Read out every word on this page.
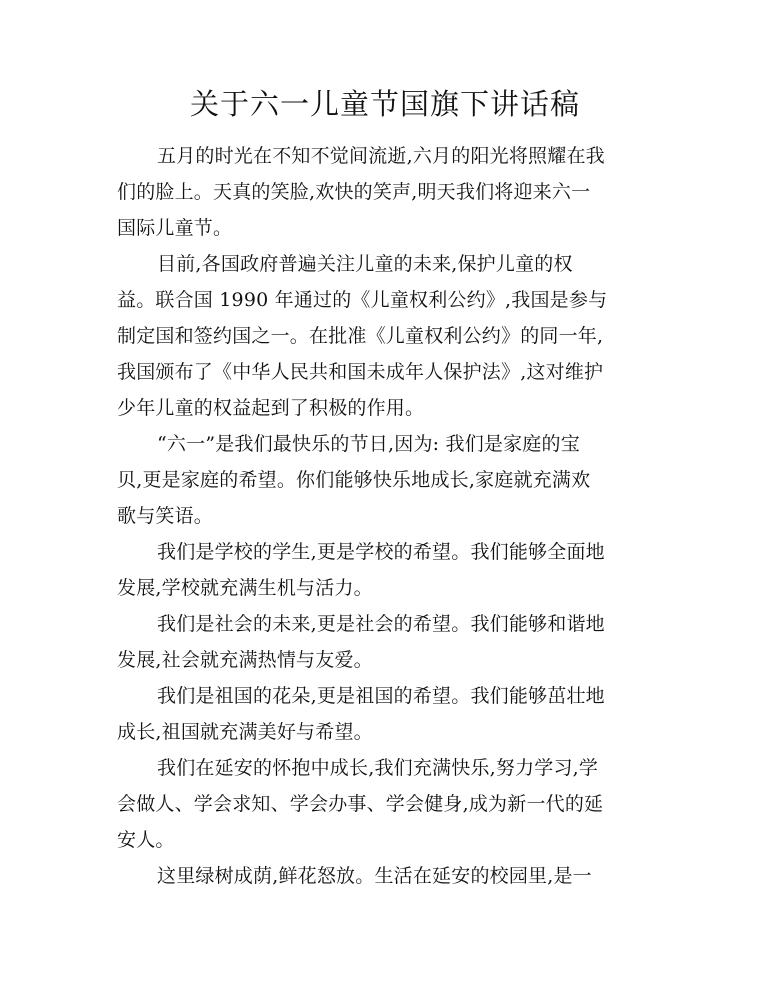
关于六一儿童节国旗下讲话稿
五月的时光在不知不觉间流逝,六月的阳光将照耀在我
们的脸上。天真的笑脸,欢快的笑声,明天我们将迎来六一
国际儿童节。
目前,各国政府普遍关注儿童的未来,保护儿童的权
益。联合国 1990 年通过的《儿童权利公约》,我国是参与
制定国和签约国之一。在批准《儿童权利公约》的同一年,
我国颁布了《中华人民共和国未成年人保护法》,这对维护
少年儿童的权益起到了积极的作用。
“六一”是我们最快乐的节日,因为: 我们是家庭的宝
贝,更是家庭的希望。你们能够快乐地成长,家庭就充满欢
歌与笑语。
我们是学校的学生,更是学校的希望。我们能够全面地
发展,学校就充满生机与活力。
我们是社会的未来,更是社会的希望。我们能够和谐地
发展,社会就充满热情与友爱。
我们是祖国的花朵,更是祖国的希望。我们能够茁壮地
成长,祖国就充满美好与希望。
我们在延安的怀抱中成长,我们充满快乐,努力学习,学
会做人、学会求知、学会办事、学会健身,成为新一代的延
安人。
这里绿树成荫,鲜花怒放。生活在延安的校园里,是一
